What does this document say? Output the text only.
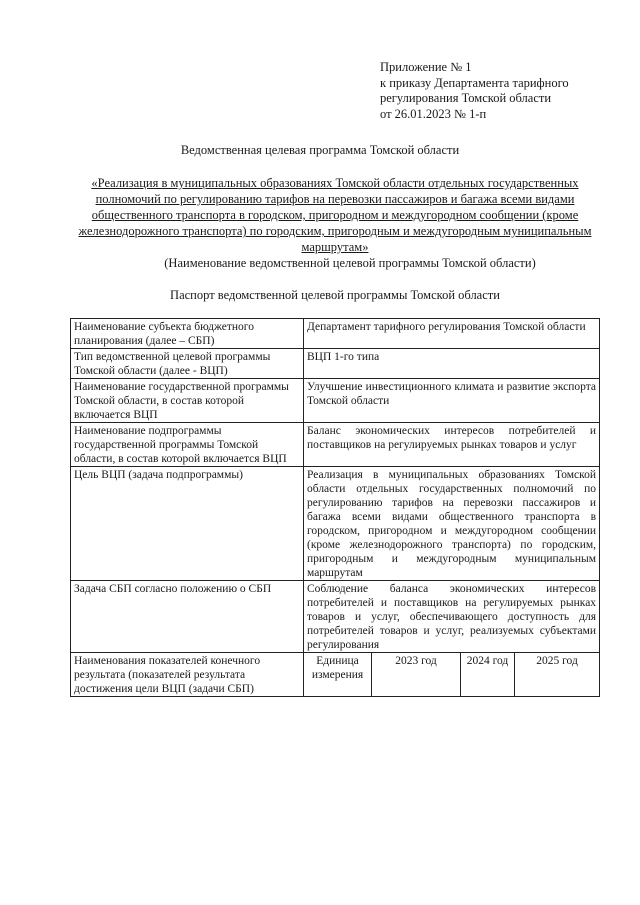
Приложение № 1
к приказу Департамента тарифного
регулирования Томской области
от 26.01.2023 № 1-п
Ведомственная целевая программа Томской области
«Реализация в муниципальных образованиях Томской области отдельных государственных полномочий по регулированию тарифов на перевозки пассажиров и багажа всеми видами общественного транспорта в городском, пригородном и междугородном сообщении (кроме железнодорожного транспорта) по городским, пригородным и междугородным муниципальным маршрутам»
(Наименование ведомственной целевой программы Томской области)
Паспорт ведомственной целевой программы Томской области
Наименование субъекта бюджетного планирования (далее – СБП)	Департамент тарифного регулирования Томской области			
Тип ведомственной целевой программы Томской области (далее - ВЦП)	ВЦП 1-го типа			
Наименование государственной программы Томской области, в состав которой включается ВЦП	Улучшение инвестиционного климата и развитие экспорта Томской области			
Наименование подпрограммы государственной программы Томской области, в состав которой включается ВЦП	Баланс экономических интересов потребителей и поставщиков на регулируемых рынках товаров и услуг			
Цель ВЦП (задача подпрограммы)	Реализация в муниципальных образованиях Томской области отдельных государственных полномочий по регулированию тарифов на перевозки пассажиров и багажа всеми видами общественного транспорта в городском, пригородном и междугородном сообщении (кроме железнодорожного транспорта) по городским, пригородным и междугородным муниципальным маршрутам			
Задача СБП согласно положению о СБП	Соблюдение баланса экономических интересов потребителей и поставщиков на регулируемых рынках товаров и услуг, обеспечивающего доступность для потребителей товаров и услуг, реализуемых субъектами регулирования			
Наименования показателей конечного результата (показателей результата достижения цели ВЦП (задачи СБП)	Единица измерения	2023 год	2024 год	2025 год
